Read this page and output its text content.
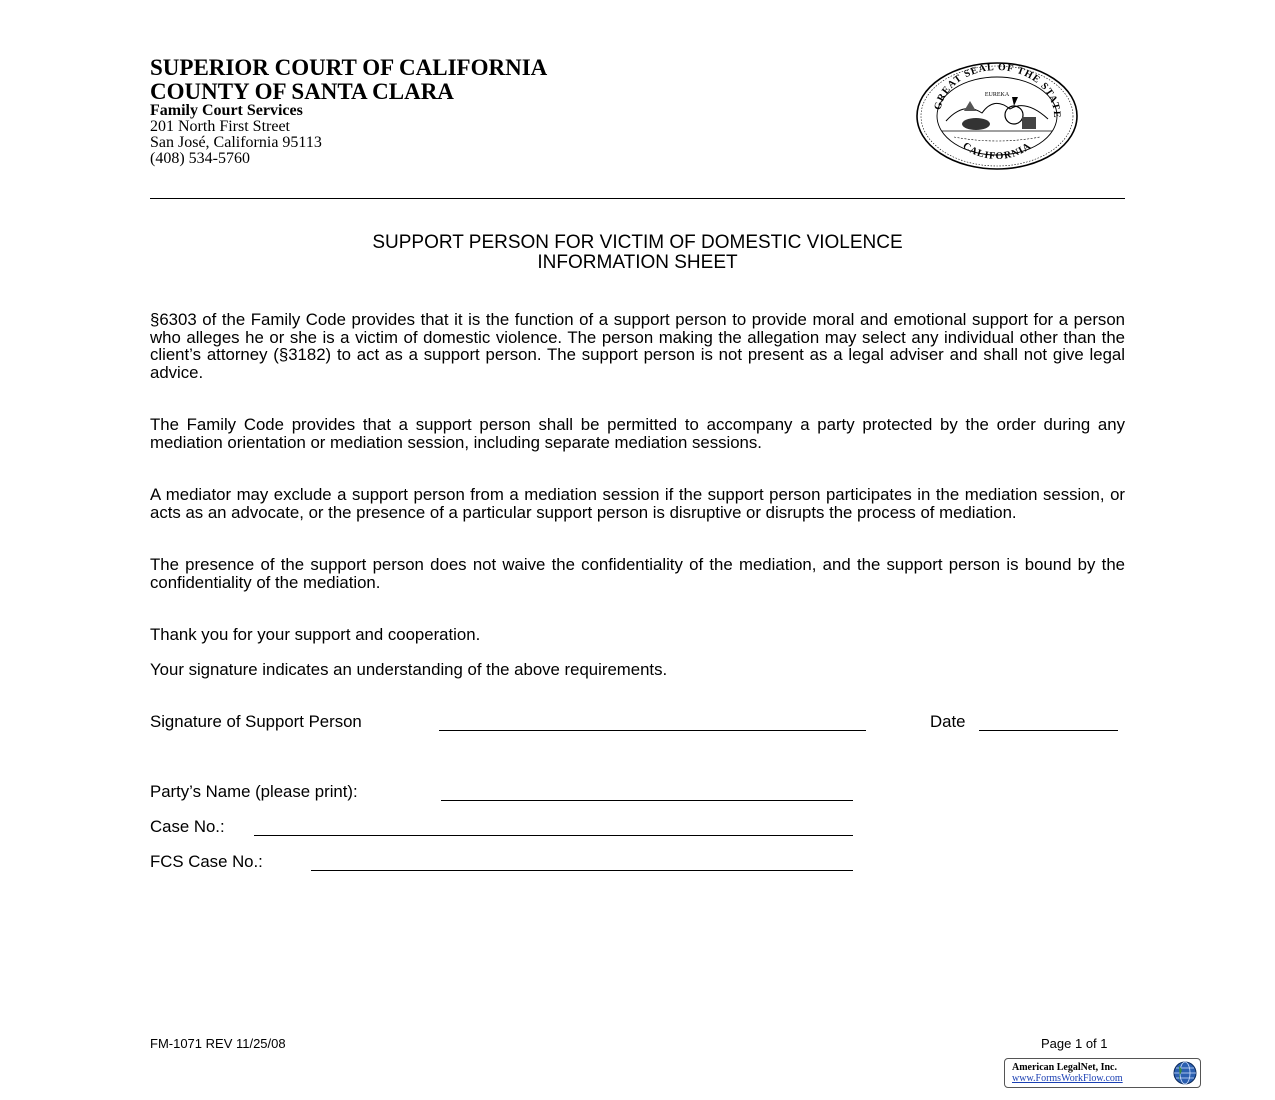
SUPERIOR COURT OF CALIFORNIA
COUNTY OF SANTA CLARA
Family Court Services
201 North First Street
San José, California 95113
(408) 534-5760
GREAT SEAL OF THE STATE
CALIFORNIA
EUREKA
SUPPORT PERSON FOR VICTIM OF DOMESTIC VIOLENCE
INFORMATION SHEET

§6303 of the Family Code provides that it is the function of a support person to provide moral and emotional support for a person who alleges he or she is a victim of domestic violence. The person making the allegation may select any individual other than the client’s attorney (§3182) to act as a support person. The support person is not present as a legal adviser and shall not give legal advice.

The Family Code provides that a support person shall be permitted to accompany a party protected by the order during any mediation orientation or mediation session, including separate mediation sessions.

A mediator may exclude a support person from a mediation session if the support person participates in the mediation session, or acts as an advocate, or the presence of a particular support person is disruptive or disrupts the process of mediation.

The presence of the support person does not waive the confidentiality of the mediation, and the support person is bound by the confidentiality of the mediation.

Thank you for your support and cooperation.
Your signature indicates an understanding of the above requirements.
Signature of Support Person	Date
Party’s Name (please print):
Case No.:
FCS Case No.:
FM-1071 REV 11/25/08	Page 1 of 1
American LegalNet, Inc.
www.FormsWorkFlow.com
